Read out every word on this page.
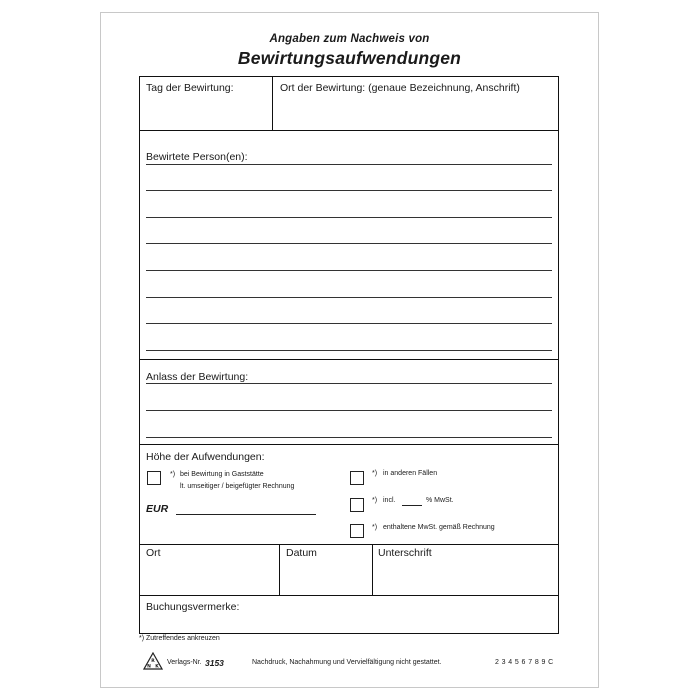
Angaben zum Nachweis von
Bewirtungsaufwendungen
Tag der Bewirtung:	Ort der Bewirtung: (genaue Bezeichnung, Anschrift)
Bewirtete Person(en):
Anlass der Bewirtung:
Höhe der Aufwendungen:
*) bei Bewirtung in Gaststätte
lt. umseitiger / beigefügter Rechnung
EUR
*) in anderen Fällen
*) incl.	% MwSt.
*) enthaltene MwSt. gemäß Rechnung
Ort	Datum	Unterschrift
Buchungsvermerke:
*) Zutreffendes ankreuzen
R
N K
Verlags-Nr. 3153	Nachdruck, Nachahmung und Vervielfältigung nicht gestattet.	2 3 4 5 6 7 8 9 C
